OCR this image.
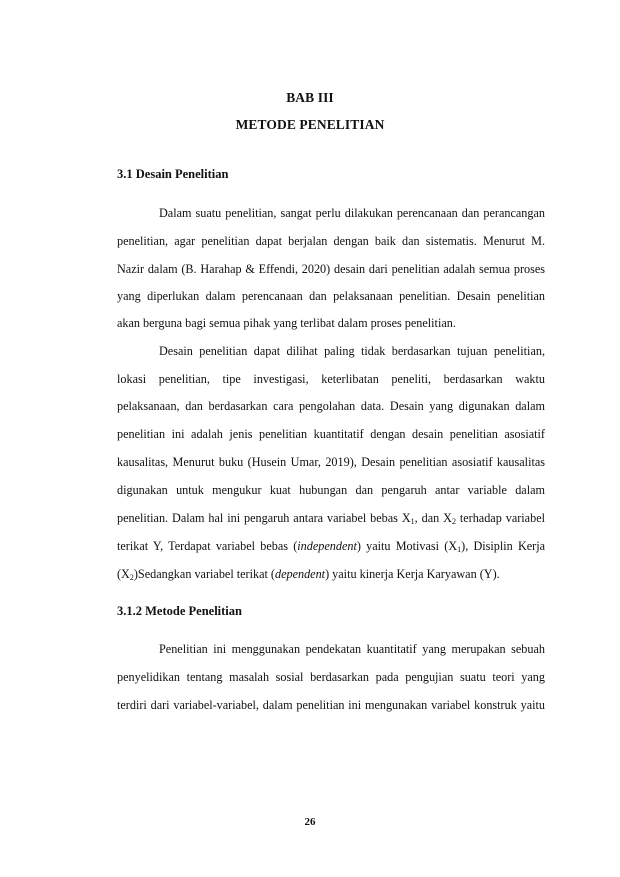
BAB III
METODE PENELITIAN
3.1 Desain Penelitian
Dalam suatu penelitian, sangat perlu dilakukan perencanaan dan perancangan
penelitian, agar penelitian dapat berjalan dengan baik dan sistematis. Menurut M.
Nazir dalam (B. Harahap & Effendi, 2020) desain dari penelitian adalah semua proses
yang diperlukan dalam perencanaan dan pelaksanaan penelitian. Desain penelitian
akan berguna bagi semua pihak yang terlibat dalam proses penelitian.
Desain penelitian dapat dilihat paling tidak berdasarkan tujuan penelitian,
lokasi penelitian, tipe investigasi, keterlibatan peneliti, berdasarkan waktu
pelaksanaan, dan berdasarkan cara pengolahan data. Desain yang digunakan dalam
penelitian ini adalah jenis penelitian kuantitatif dengan desain penelitian asosiatif
kausalitas, Menurut buku (Husein Umar, 2019), Desain penelitian asosiatif kausalitas
digunakan untuk mengukur kuat hubungan dan pengaruh antar variable dalam
penelitian. Dalam hal ini pengaruh antara variabel bebas $X_1$, dan $X_2$ terhadap variabel
terikat Y, Terdapat variabel bebas (independent) yaitu Motivasi $(X_1)$, Disiplin Kerja
$(X_2)Sedangkan$ variabel terikat (dependent) yaitu kinerja Kerja Karyawan (Y).
3.1.2 Metode Penelitian
Penelitian ini menggunakan pendekatan kuantitatif yang merupakan sebuah
penyelidikan tentang masalah sosial berdasarkan pada pengujian suatu teori yang
terdiri dari variabel-variabel, dalam penelitian ini mengunakan variabel konstruk yaitu
26
